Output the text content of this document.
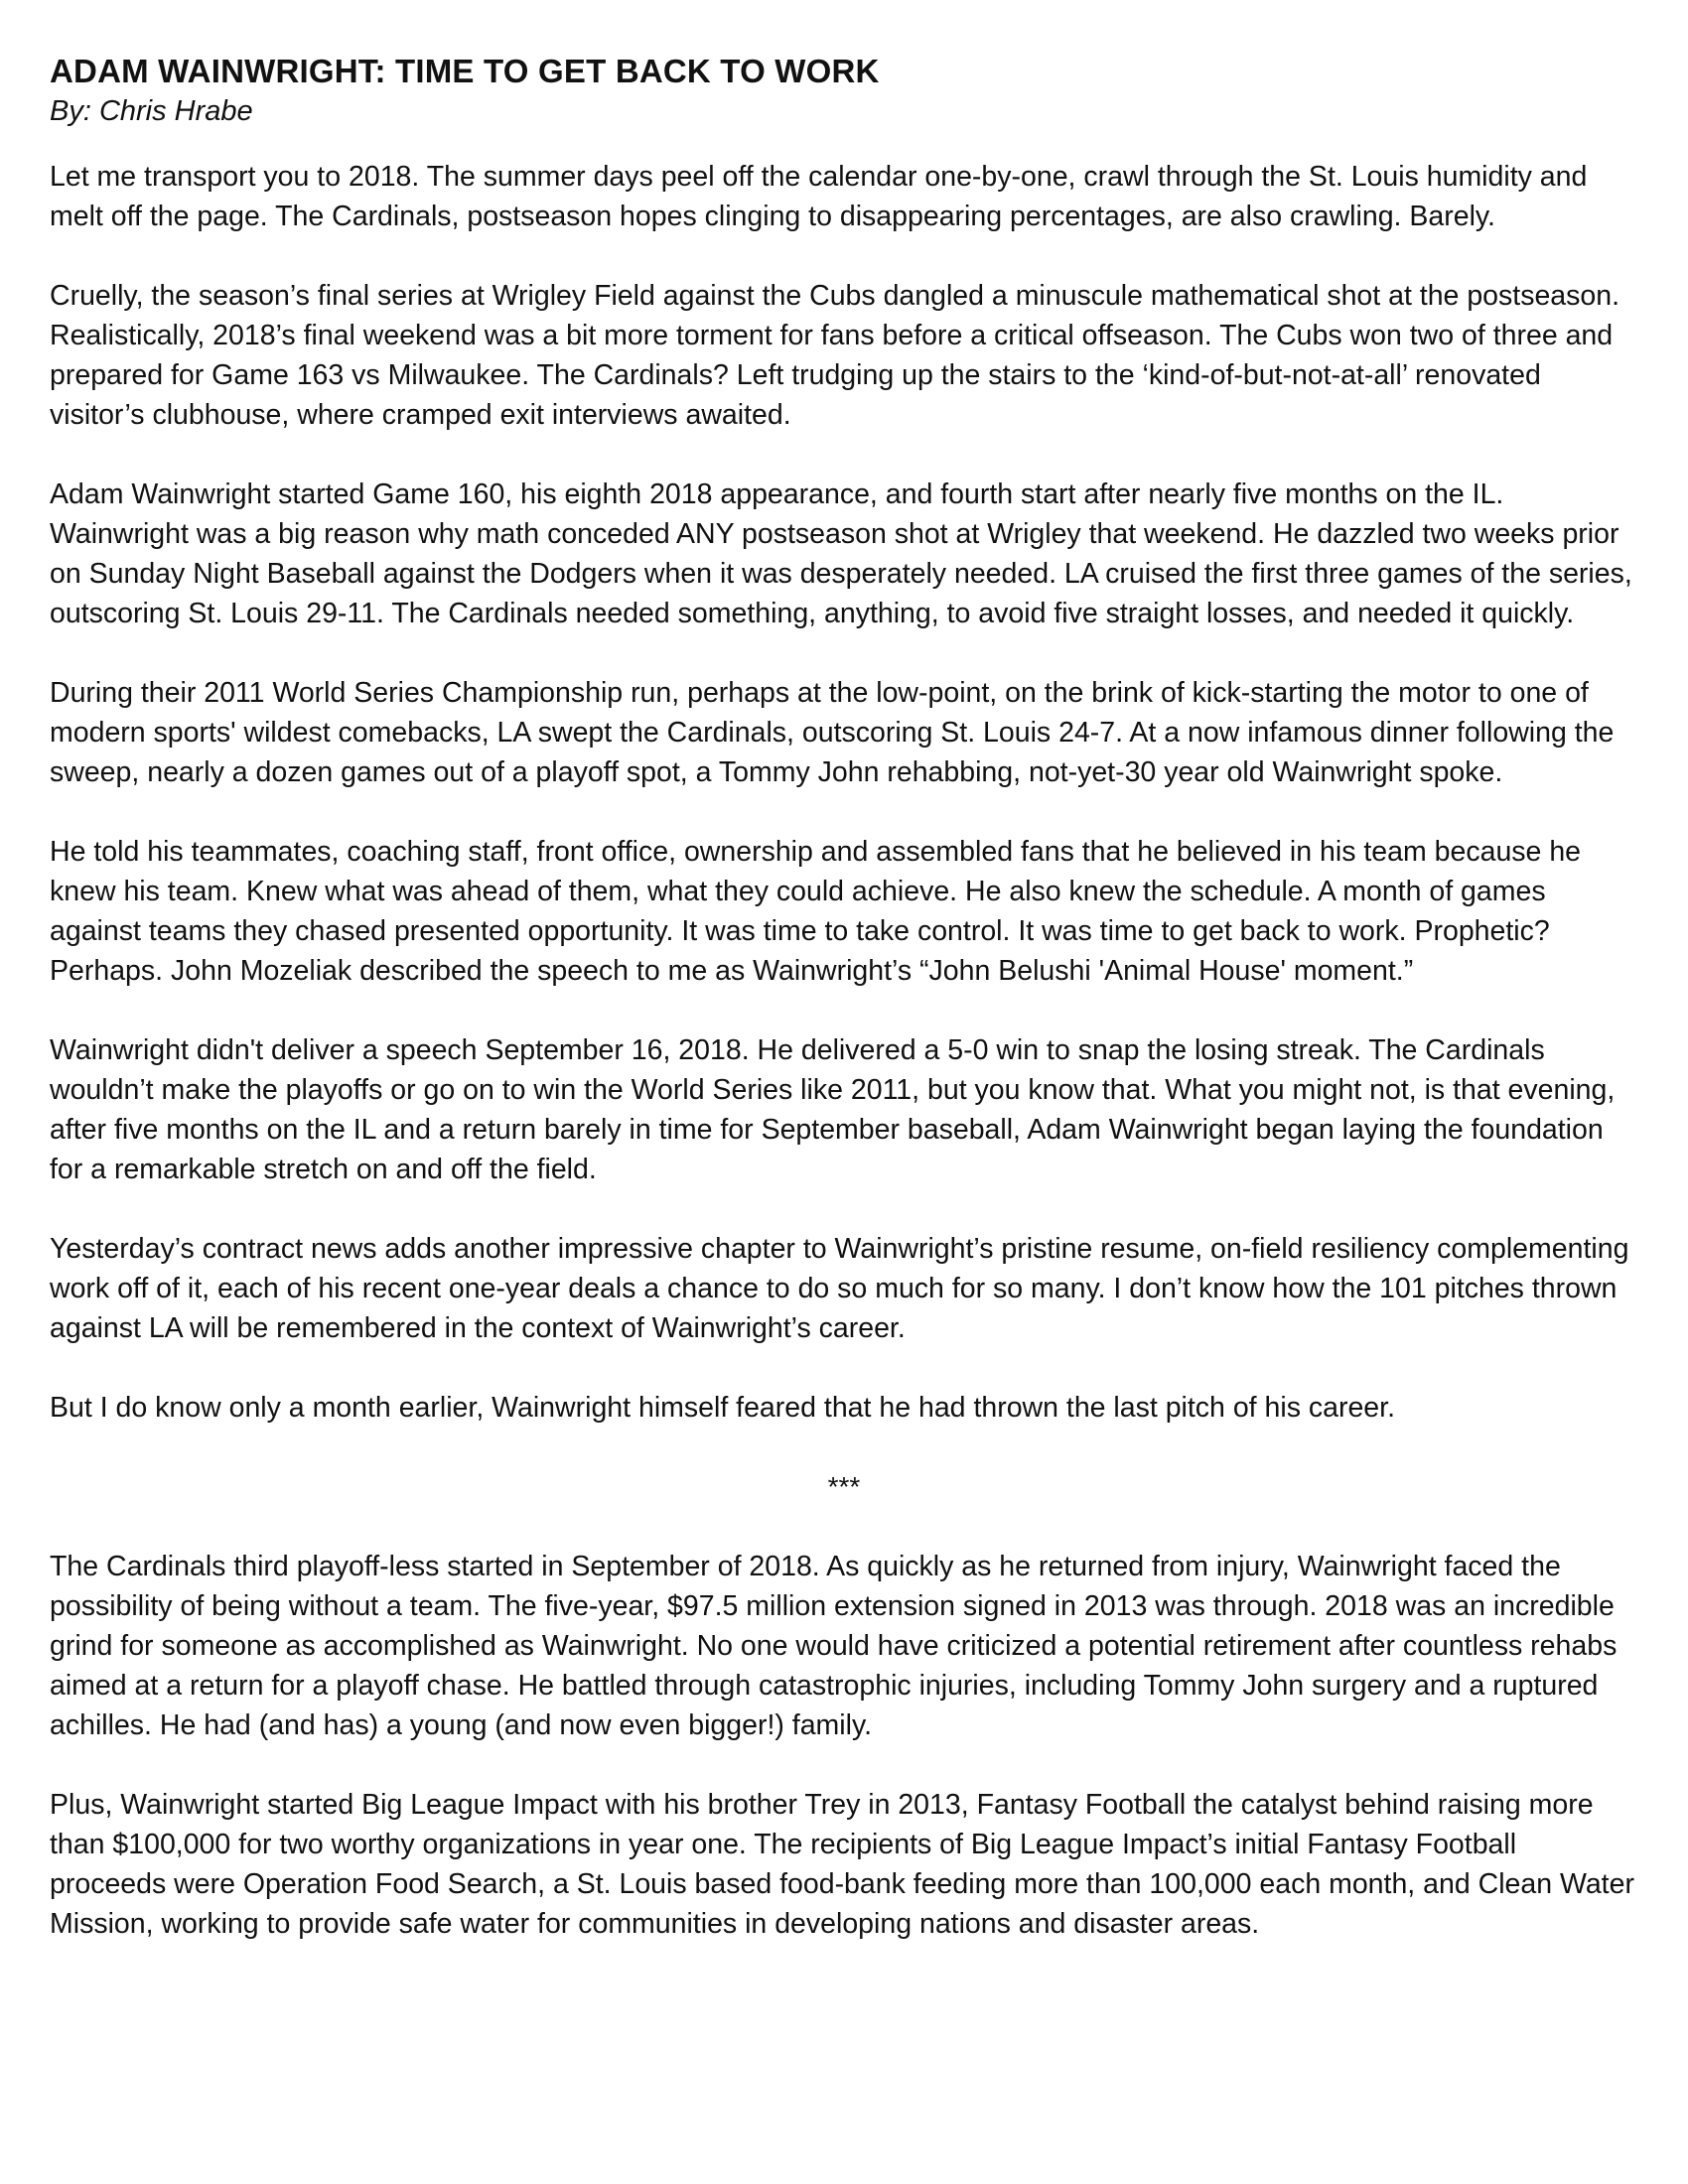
ADAM WAINWRIGHT: TIME TO GET BACK TO WORK

By: Chris Hrabe

Let me transport you to 2018. The summer days peel off the calendar one-by-one, crawl through the St. Louis humidity and melt off the page. The Cardinals, postseason hopes clinging to disappearing percentages, are also crawling. Barely.

Cruelly, the season’s final series at Wrigley Field against the Cubs dangled a minuscule mathematical shot at the postseason. Realistically, 2018’s final weekend was a bit more torment for fans before a critical offseason. The Cubs won two of three and prepared for Game 163 vs Milwaukee. The Cardinals? Left trudging up the stairs to the ‘kind-of-but-not-at-all’ renovated visitor’s clubhouse, where cramped exit interviews awaited.

Adam Wainwright started Game 160, his eighth 2018 appearance, and fourth start after nearly five months on the IL. Wainwright was a big reason why math conceded ANY postseason shot at Wrigley that weekend. He dazzled two weeks prior on Sunday Night Baseball against the Dodgers when it was desperately needed. LA cruised the first three games of the series, outscoring St. Louis 29-11. The Cardinals needed something, anything, to avoid five straight losses, and needed it quickly.

During their 2011 World Series Championship run, perhaps at the low-point, on the brink of kick-starting the motor to one of modern sports' wildest comebacks, LA swept the Cardinals, outscoring St. Louis 24-7. At a now infamous dinner following the sweep, nearly a dozen games out of a playoff spot, a Tommy John rehabbing, not-yet-30 year old Wainwright spoke.

He told his teammates, coaching staff, front office, ownership and assembled fans that he believed in his team because he knew his team. Knew what was ahead of them, what they could achieve. He also knew the schedule. A month of games against teams they chased presented opportunity. It was time to take control. It was time to get back to work. Prophetic? Perhaps. John Mozeliak described the speech to me as Wainwright’s “John Belushi 'Animal House' moment.”

Wainwright didn't deliver a speech September 16, 2018. He delivered a 5-0 win to snap the losing streak. The Cardinals wouldn’t make the playoffs or go on to win the World Series like 2011, but you know that. What you might not, is that evening, after five months on the IL and a return barely in time for September baseball, Adam Wainwright began laying the foundation for a remarkable stretch on and off the field.

Yesterday’s contract news adds another impressive chapter to Wainwright’s pristine resume, on-field resiliency complementing work off of it, each of his recent one-year deals a chance to do so much for so many. I don’t know how the 101 pitches thrown against LA will be remembered in the context of Wainwright’s career.

But I do know only a month earlier, Wainwright himself feared that he had thrown the last pitch of his career.

***

The Cardinals third playoff-less started in September of 2018. As quickly as he returned from injury, Wainwright faced the possibility of being without a team. The five-year, $97.5 million extension signed in 2013 was through. 2018 was an incredible grind for someone as accomplished as Wainwright. No one would have criticized a potential retirement after countless rehabs aimed at a return for a playoff chase. He battled through catastrophic injuries, including Tommy John surgery and a ruptured achilles. He had (and has) a young (and now even bigger!) family.

Plus, Wainwright started Big League Impact with his brother Trey in 2013, Fantasy Football the catalyst behind raising more than $100,000 for two worthy organizations in year one. The recipients of Big League Impact’s initial Fantasy Football proceeds were Operation Food Search, a St. Louis based food-bank feeding more than 100,000 each month, and Clean Water Mission, working to provide safe water for communities in developing nations and disaster areas.
